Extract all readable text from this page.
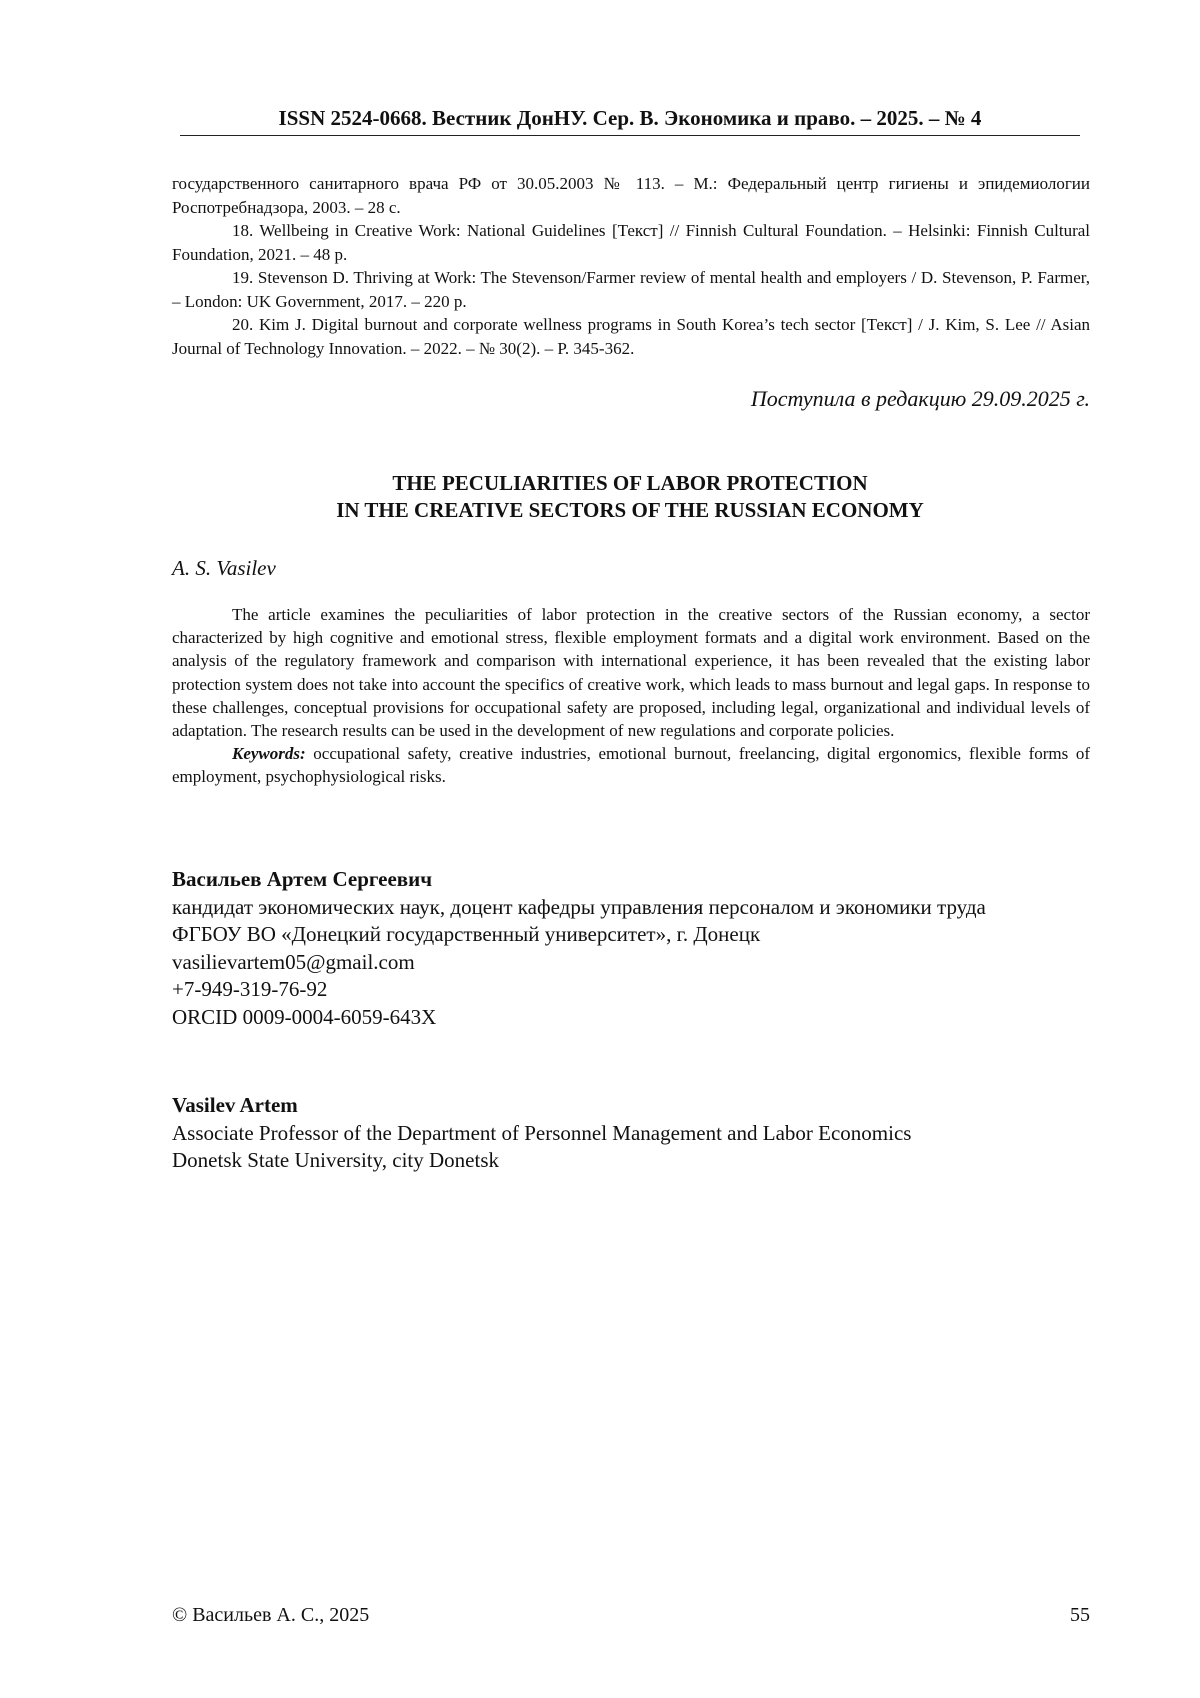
ISSN 2524-0668. Вестник ДонНУ. Сер. В. Экономика и право. – 2025. – № 4

государственного санитарного врача РФ от 30.05.2003 № 113. – М.: Федеральный центр гигиены и эпидемиологии Роспотребнадзора, 2003. – 28 с.

18. Wellbeing in Creative Work: National Guidelines [Текст] // Finnish Cultural Foundation. – Helsinki: Finnish Cultural Foundation, 2021. – 48 p.

19. Stevenson D. Thriving at Work: The Stevenson/Farmer review of mental health and employers / D. Stevenson, P. Farmer, – London: UK Government, 2017. – 220 p.

20. Kim J. Digital burnout and corporate wellness programs in South Korea’s tech sector [Текст] / J. Kim, S. Lee // Asian Journal of Technology Innovation. – 2022. – № 30(2). – P. 345-362.

Поступила в редакцию 29.09.2025 г.
THE PECULIARITIES OF LABOR PROTECTION
IN THE CREATIVE SECTORS OF THE RUSSIAN ECONOMY
A. S. Vasilev

The article examines the peculiarities of labor protection in the creative sectors of the Russian economy, a sector characterized by high cognitive and emotional stress, flexible employment formats and a digital work environment. Based on the analysis of the regulatory framework and comparison with international experience, it has been revealed that the existing labor protection system does not take into account the specifics of creative work, which leads to mass burnout and legal gaps. In response to these challenges, conceptual provisions for occupational safety are proposed, including legal, organizational and individual levels of adaptation. The research results can be used in the development of new regulations and corporate policies.

Keywords: occupational safety, creative industries, emotional burnout, freelancing, digital ergonomics, flexible forms of employment, psychophysiological risks.

Васильев Артем Сергеевич
кандидат экономических наук, доцент кафедры управления персоналом и экономики труда
ФГБОУ ВО «Донецкий государственный университет», г. Донецк
vasilievartem05@gmail.com
+7-949-319-76-92
ORCID 0009-0004-6059-643X
Vasilev Artem
Associate Professor of the Department of Personnel Management and Labor Economics
Donetsk State University, city Donetsk
© Васильев А. С., 2025	55
